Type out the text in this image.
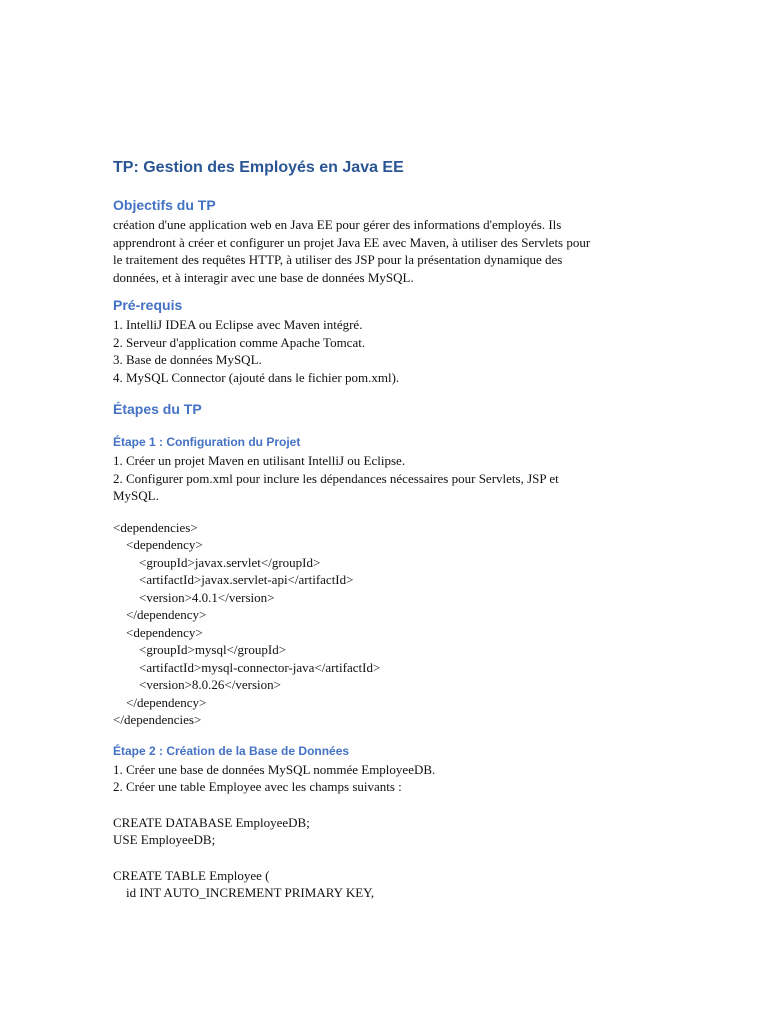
TP: Gestion des Employés en Java EE
Objectifs du TP
création d'une application web en Java EE pour gérer des informations d'employés. Ils
apprendront à créer et configurer un projet Java EE avec Maven, à utiliser des Servlets pour
le traitement des requêtes HTTP, à utiliser des JSP pour la présentation dynamique des
données, et à interagir avec une base de données MySQL.
Pré-requis
1. IntelliJ IDEA ou Eclipse avec Maven intégré.
2. Serveur d'application comme Apache Tomcat.
3. Base de données MySQL.
4. MySQL Connector (ajouté dans le fichier pom.xml).
Étapes du TP
Étape 1 : Configuration du Projet
1. Créer un projet Maven en utilisant IntelliJ ou Eclipse.
2. Configurer pom.xml pour inclure les dépendances nécessaires pour Servlets, JSP et
MySQL.
<dependencies>
<dependency>
<groupId>javax.servlet</groupId>
<artifactId>javax.servlet-api</artifactId>
<version>4.0.1</version>
</dependency>
<dependency>
<groupId>mysql</groupId>
<artifactId>mysql-connector-java</artifactId>
<version>8.0.26</version>
</dependency>
</dependencies>
Étape 2 : Création de la Base de Données
1. Créer une base de données MySQL nommée EmployeeDB.
2. Créer une table Employee avec les champs suivants :
CREATE DATABASE EmployeeDB;
USE EmployeeDB;
CREATE TABLE Employee (
id INT AUTO_INCREMENT PRIMARY KEY,
